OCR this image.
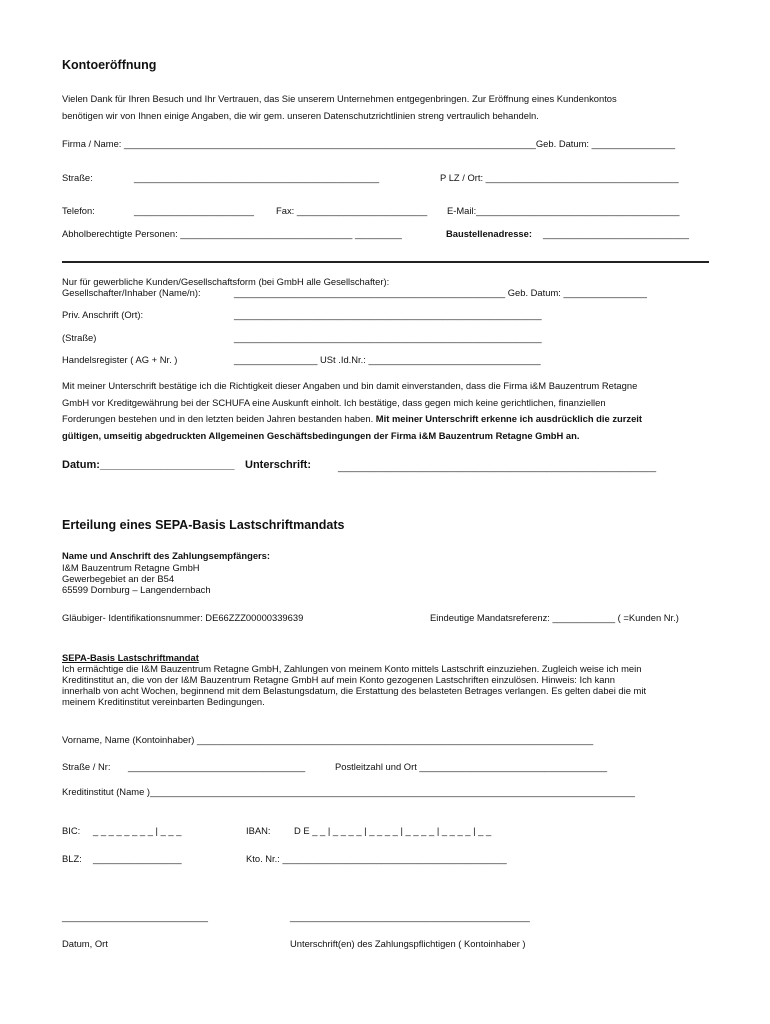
Kontoeröffnung
Vielen Dank für Ihren Besuch und Ihr Vertrauen, das Sie unserem Unternehmen entgegenbringen. Zur Eröffnung eines Kundenkontos
benötigen wir von Ihnen einige Angaben, die wir gem. unseren Datenschutzrichtlinien streng vertraulich behandeln.
Firma / Name: _______________________________________________________________________________Geb. Datum: ________________
Straße:	_______________________________________________	P LZ / Ort: _____________________________________
Telefon:	_______________________ Fax: _________________________ E-Mail:_______________________________________
Abholberechtigte Personen: _________________________________ _________	Baustellenadresse: ____________________________
Nur für gewerbliche Kunden/Gesellschaftsform (bei GmbH alle Gesellschafter):
Gesellschafter/Inhaber (Name/n):	____________________________________________________ Geb. Datum: ________________
Priv. Anschrift (Ort):	___________________________________________________________
(Straße)	___________________________________________________________
Handelsregister ( AG + Nr. )	________________ USt .Id.Nr.: _________________________________
Mit meiner Unterschrift bestätige ich die Richtigkeit dieser Angaben und bin damit einverstanden, dass die Firma i&M Bauzentrum Retagne
GmbH vor Kreditgewährung bei der SCHUFA eine Auskunft einholt. Ich bestätige, dass gegen mich keine gerichtlichen, finanziellen
Forderungen bestehen und in den letzten beiden Jahren bestanden haben. Mit meiner Unterschrift erkenne ich ausdrücklich die zurzeit
gültigen, umseitig abgedruckten Allgemeinen Geschäftsbedingungen der Firma i&M Bauzentrum Retagne GmbH an.
Datum:______________________ Unterschrift:	_____________________________________________________________
Erteilung eines SEPA-Basis Lastschriftmandats
Name und Anschrift des Zahlungsempfängers:
I&M Bauzentrum Retagne GmbH
Gewerbegebiet an der B54
65599 Dornburg – Langendernbach
Gläubiger- Identifikationsnummer: DE66ZZZ00000339639	Eindeutige Mandatsreferenz: ____________ ( =Kunden Nr.)
SEPA-Basis Lastschriftmandat
Ich ermächtige die I&M Bauzentrum Retagne GmbH, Zahlungen von meinem Konto mittels Lastschrift einzuziehen. Zugleich weise ich mein
Kreditinstitut an, die von der I&M Bauzentrum Retagne GmbH auf mein Konto gezogenen Lastschriften einzulösen. Hinweis: Ich kann
innerhalb von acht Wochen, beginnend mit dem Belastungsdatum, die Erstattung des belasteten Betrages verlangen. Es gelten dabei die mit
meinem Kreditinstitut vereinbarten Bedingungen.
Vorname, Name (Kontoinhaber) ____________________________________________________________________________
Straße / Nr: __________________________________	Postleitzahl und Ort ____________________________________
Kreditinstitut (Name )_____________________________________________________________________________________________
BIC: _ _ _ _ _ _ _ _ | _ _ _	IBAN:	D E _ _ | _ _ _ _ | _ _ _ _ | _ _ _ _ | _ _ _ _ | _ _
BLZ: _________________	Kto. Nr.: ___________________________________________
____________________________	______________________________________________
Datum, Ort	Unterschrift(en) des Zahlungspflichtigen ( Kontoinhaber )
